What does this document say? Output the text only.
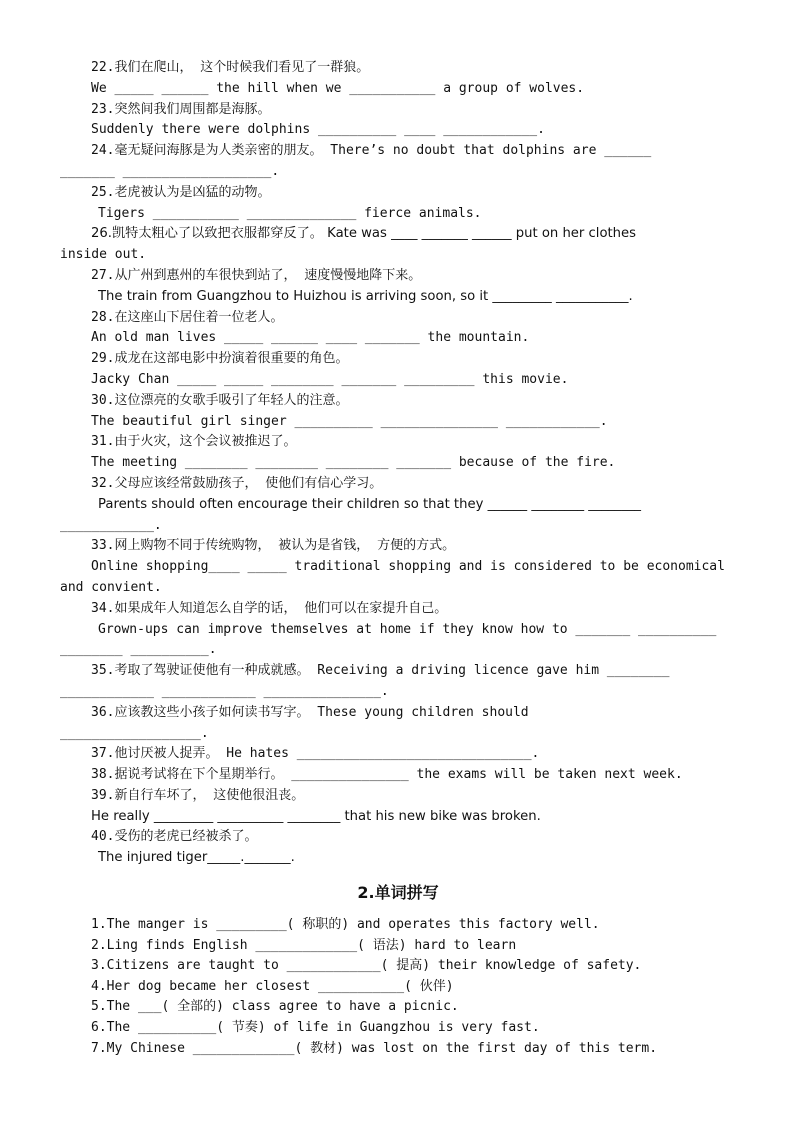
22.我们在爬山， 这个时候我们看见了一群狼。
We _____ ______ the hill when we ___________ a group of wolves.
23.突然间我们周围都是海豚。
Suddenly there were dolphins __________ ____ ____________.
24.毫无疑问海豚是为人类亲密的朋友。 There’s no doubt that dolphins are ______
_______ ___________________.
25.老虎被认为是凶猛的动物。
Tigers ___________ ______________ fierce animals.
26.凯特太粗心了以致把衣服都穿反了。 Kate was ____ _______ ______ put on her clothes
inside out.
27.从广州到惠州的车很快到站了， 速度慢慢地降下来。
The train from Guangzhou to Huizhou is arriving soon, so it _________ ___________.
28.在这座山下居住着一位老人。
An old man lives _____ ______ ____ _______ the mountain.
29.成龙在这部电影中扮演着很重要的角色。
Jacky Chan _____ _____ ________ _______ _________ this movie.
30.这位漂亮的女歌手吸引了年轻人的注意。
The beautiful girl singer __________ _______________ ____________.
31.由于火灾，这个会议被推迟了。
The meeting ________ ________ ________ _______ because of the fire.
32.父母应该经常鼓励孩子， 使他们有信心学习。
Parents should often encourage their children so that they ______ ________ ________
____________.
33.网上购物不同于传统购物， 被认为是省钱， 方便的方式。
Online shopping____ _____ traditional shopping and is considered to be economical
and convient.
34.如果成年人知道怎么自学的话， 他们可以在家提升自己。
Grown-ups can improve themselves at home if they know how to _______ __________
________ __________.
35.考取了驾驶证使他有一种成就感。 Receiving a driving licence gave him ________
____________ ____________ _______________.
36.应该教这些小孩子如何读书写字。 These young children should
__________________.
37.他讨厌被人捉弄。 He hates ______________________________.
38.据说考试将在下个星期举行。 _______________ the exams will be taken next week.
39.新自行车坏了， 这使他很沮丧。
He really _________ __________ ________ that his new bike was broken.
40.受伤的老虎已经被杀了。
The injured tiger_____._______.
2.单词拼写
1.The manger is _________( 称职的) and operates this factory well.
2.Ling finds English _____________( 语法) hard to learn
3.Citizens are taught to ____________( 提高) their knowledge of safety.
4.Her dog became her closest ___________( 伙伴)
5.The ___( 全部的) class agree to have a picnic.
6.The __________( 节奏) of life in Guangzhou is very fast.
7.My Chinese _____________( 教材) was lost on the first day of this term.
